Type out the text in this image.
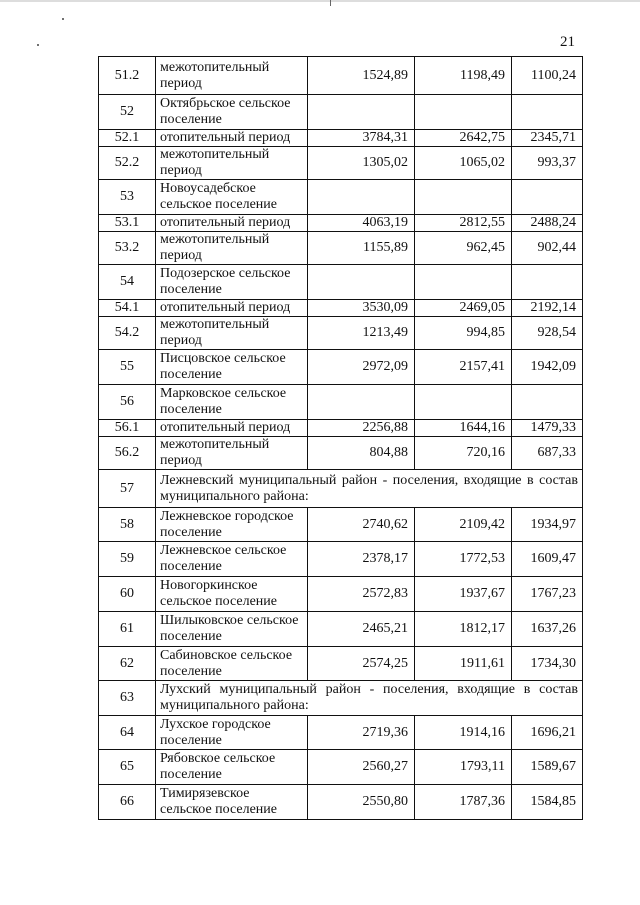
21
51.2	межотопительный период	1524,89	1198,49	1100,24
52	Октябрьское сельское поселение			
52.1	отопительный период	3784,31	2642,75	2345,71
52.2	межотопительный период	1305,02	1065,02	993,37
53	Новоусадебское сельское поселение			
53.1	отопительный период	4063,19	2812,55	2488,24
53.2	межотопительный период	1155,89	962,45	902,44
54	Подозерское сельское поселение			
54.1	отопительный период	3530,09	2469,05	2192,14
54.2	межотопительный период	1213,49	994,85	928,54
55	Писцовское сельское поселение	2972,09	2157,41	1942,09
56	Марковское сельское поселение			
56.1	отопительный период	2256,88	1644,16	1479,33
56.2	межотопительный период	804,88	720,16	687,33
57	Лежневский муниципальный район - поселения, входящие в состав муниципального района:			
58	Лежневское городское поселение	2740,62	2109,42	1934,97
59	Лежневское сельское поселение	2378,17	1772,53	1609,47
60	Новогоркинское сельское поселение	2572,83	1937,67	1767,23
61	Шилыковское сельское поселение	2465,21	1812,17	1637,26
62	Сабиновское сельское поселение	2574,25	1911,61	1734,30
63	Лухский муниципальный район - поселения, входящие в состав муниципального района:			
64	Лухское городское поселение	2719,36	1914,16	1696,21
65	Рябовское сельское поселение	2560,27	1793,11	1589,67
66	Тимирязевское сельское поселение	2550,80	1787,36	1584,85
